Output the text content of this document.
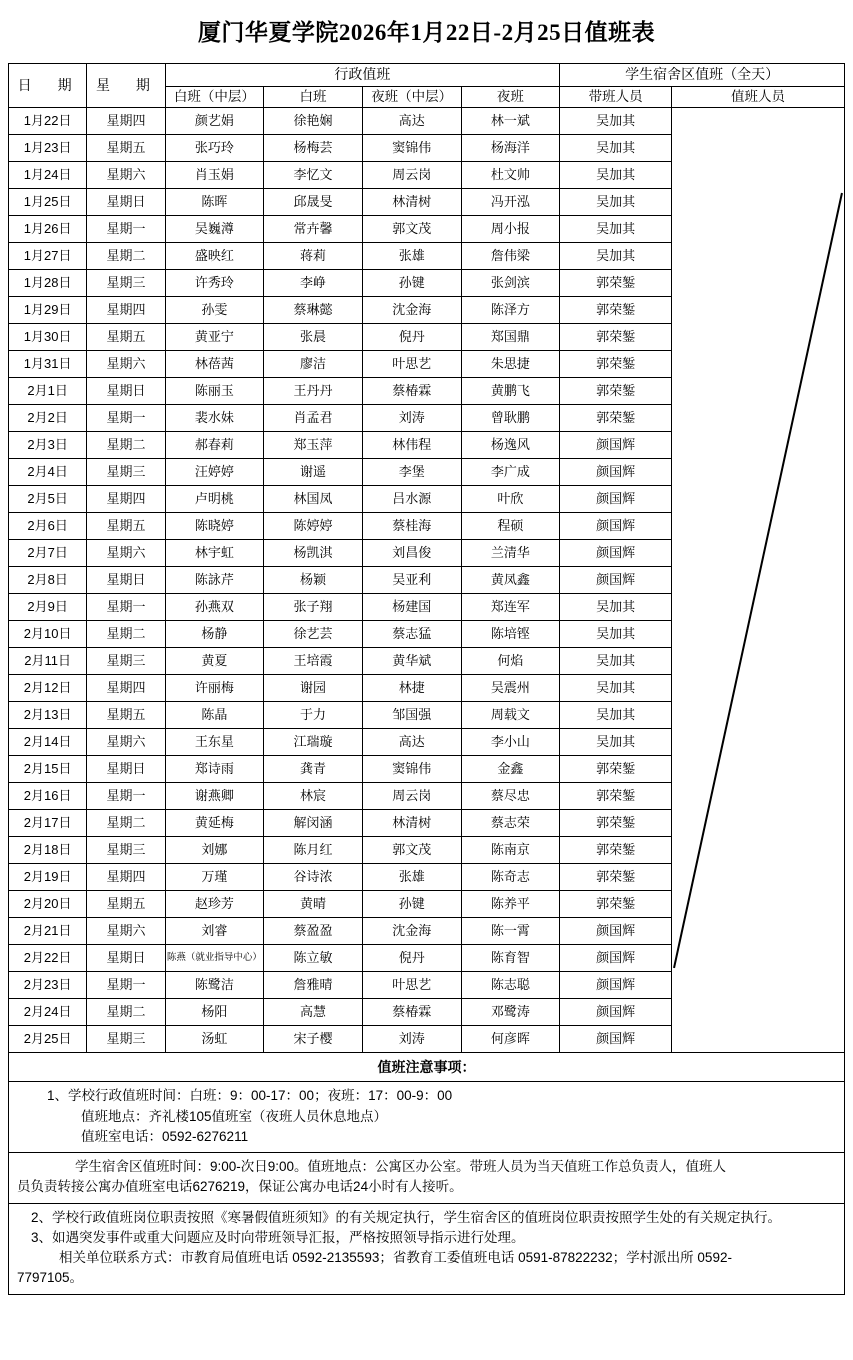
厦门华夏学院2026年1月22日-2月25日值班表
日　期	星　期	行政值班				学生宿舍区值班（全天）	
		白班（中层）	白班	夜班（中层）	夜班	带班人员	值班人员
1月22日	星期四	颜艺娟	徐艳娴	高达	林一斌	吴加其	

1月23日	星期五	张巧玲	杨梅芸	窦锦伟	杨海洋	吴加其	
1月24日	星期六	肖玉娟	李忆文	周云岗	杜文帅	吴加其	
1月25日	星期日	陈晖	邱晟旻	林清树	冯开泓	吴加其	
1月26日	星期一	吴巍澊	常卉馨	郭文茂	周小报	吴加其	
1月27日	星期二	盛映红	蒋莉	张雄	詹伟梁	吴加其	
1月28日	星期三	许秀玲	李峥	孙键	张剑滨	郭荣錾	
1月29日	星期四	孙雯	蔡琳懿	沈金海	陈泽方	郭荣錾	
1月30日	星期五	黄亚宁	张晨	倪丹	郑国鼎	郭荣錾	
1月31日	星期六	林蓓茜	廖洁	叶思艺	朱思捷	郭荣錾	
2月1日	星期日	陈丽玉	王丹丹	蔡椿霖	黄鹏飞	郭荣錾	
2月2日	星期一	裴水妹	肖孟君	刘涛	曾耿鹏	郭荣錾	
2月3日	星期二	郝春莉	郑玉萍	林伟程	杨逸风	颜国辉	
2月4日	星期三	汪婷婷	谢遥	李堡	李广成	颜国辉	
2月5日	星期四	卢明桃	林国凤	吕水源	叶欣	颜国辉	
2月6日	星期五	陈晓婷	陈婷婷	蔡桂海	程硕	颜国辉	
2月7日	星期六	林宇虹	杨凯淇	刘昌俊	兰清华	颜国辉	
2月8日	星期日	陈詠芹	杨颖	吴亚利	黄凤鑫	颜国辉	
2月9日	星期一	孙燕双	张子翔	杨建国	郑连军	吴加其	
2月10日	星期二	杨静	徐艺芸	蔡志猛	陈培铿	吴加其	
2月11日	星期三	黄夏	王培霞	黄华斌	何焰	吴加其	
2月12日	星期四	许丽梅	谢园	林捷	吴震州	吴加其	
2月13日	星期五	陈晶	于力	邹国强	周载文	吴加其	
2月14日	星期六	王东星	江瑞璇	高达	李小山	吴加其	
2月15日	星期日	郑诗雨	龚青	窦锦伟	金鑫	郭荣錾	
2月16日	星期一	谢燕卿	林宸	周云岗	蔡尽忠	郭荣錾	
2月17日	星期二	黄延梅	解闵涵	林清树	蔡志荣	郭荣錾	
2月18日	星期三	刘娜	陈月红	郭文茂	陈南京	郭荣錾	
2月19日	星期四	万瑾	谷诗浓	张雄	陈奇志	郭荣錾	
2月20日	星期五	赵珍芳	黄晴	孙键	陈养平	郭荣錾	
2月21日	星期六	刘睿	蔡盈盈	沈金海	陈一霄	颜国辉	
2月22日	星期日	陈燕（就业指导中心）	陈立敏	倪丹	陈育智	颜国辉	
2月23日	星期一	陈鹭洁	詹雅晴	叶思艺	陈志聪	颜国辉	
2月24日	星期二	杨阳	高慧	蔡椿霖	邓鹭涛	颜国辉	
2月25日	星期三	汤虹	宋子樱	刘涛	何彦晖	颜国辉	
值班注意事项：
1、学校行政值班时间：白班：9：00-17：00；夜班：17：00-9：00
值班地点：齐礼楼105值班室（夜班人员休息地点）
值班室电话：0592-6276211
学生宿舍区值班时间：9:00-次日9:00。值班地点：公寓区办公室。带班人员为当天值班工作总负责人，值班人
员负责转接公寓办值班室电话6276219，保证公寓办电话24小时有人接听。
2、学校行政值班岗位职责按照《寒暑假值班须知》的有关规定执行，学生宿舍区的值班岗位职责按照学生处的有关规定执行。
3、如遇突发事件或重大问题应及时向带班领导汇报，严格按照领导指示进行处理。
相关单位联系方式：市教育局值班电话 0592-2135593；省教育工委值班电话 0591-87822232；学村派出所 0592-
7797105。
